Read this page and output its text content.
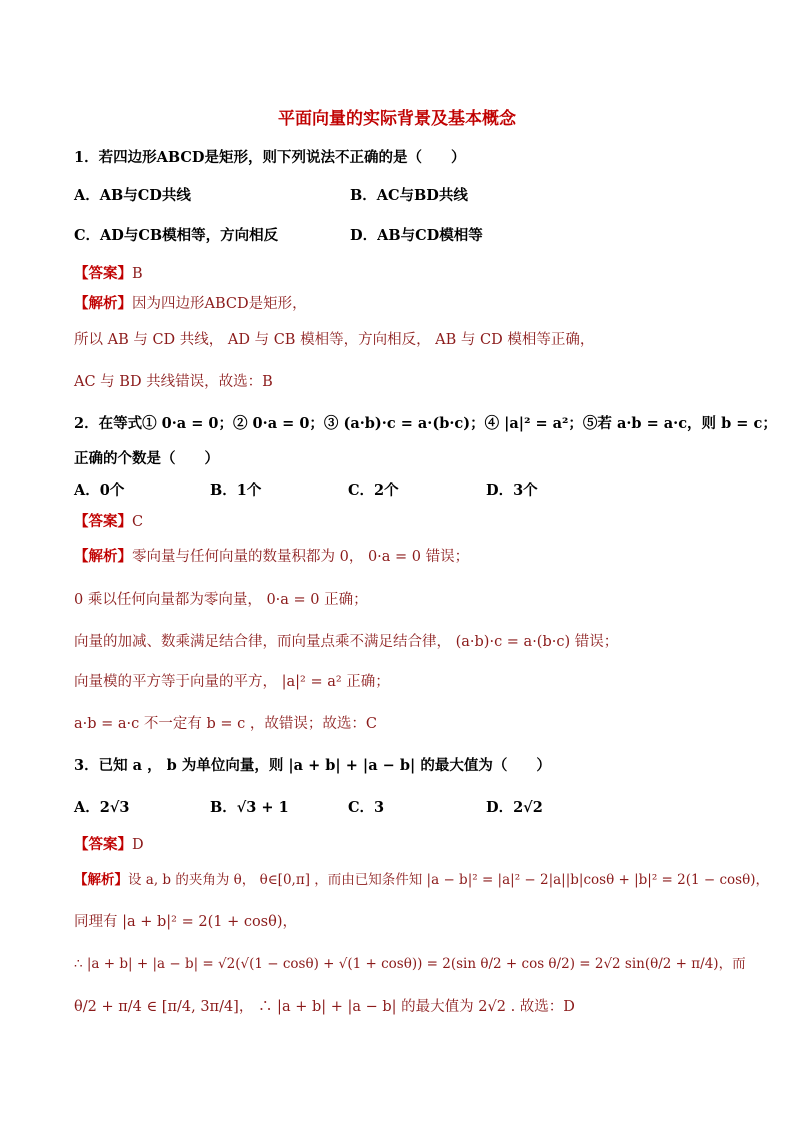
平面向量的实际背景及基本概念
1．若四边形ABCD是矩形，则下列说法不正确的是（　　）
A．AB与CD共线	B．AC与BD共线
C．AD与CB模相等，方向相反	D．AB与CD模相等
【答案】B
【解析】因为四边形ABCD是矩形，
所以 AB 与 CD 共线， AD 与 CB 模相等，方向相反， AB 与 CD 模相等正确，
AC 与 BD 共线错误，故选：B
2．在等式① 0·a = 0；② 0·a = 0；③ (a·b)·c = a·(b·c)；④ |a|² = a²；⑤若 a·b = a·c，则 b = c；
正确的个数是（　　）
A．0个	B．1个	C．2个	D．3个
【答案】C
【解析】零向量与任何向量的数量积都为 0， 0·a = 0 错误；
0 乘以任何向量都为零向量， 0·a = 0 正确；
向量的加减、数乘满足结合律，而向量点乘不满足结合律， (a·b)·c = a·(b·c) 错误；
向量模的平方等于向量的平方， |a|² = a² 正确；
a·b = a·c 不一定有 b = c ，故错误；故选：C
3．已知 a ， b 为单位向量，则 |a + b| + |a − b| 的最大值为（　　）
A．2√3	B．√3 + 1	C．3	D．2√2
【答案】D
【解析】设 a, b 的夹角为 θ， θ∈[0,π] ，而由已知条件知 |a − b|² = |a|² − 2|a||b|cosθ + |b|² = 2(1 − cosθ)，
同理有 |a + b|² = 2(1 + cosθ)，
∴ |a + b| + |a − b| = √2(√(1 − cosθ) + √(1 + cosθ)) = 2(sin θ/2 + cos θ/2) = 2√2 sin(θ/2 + π/4)，而
θ/2 + π/4 ∈ [π/4, 3π/4]， ∴ |a + b| + |a − b| 的最大值为 2√2 . 故选：D
